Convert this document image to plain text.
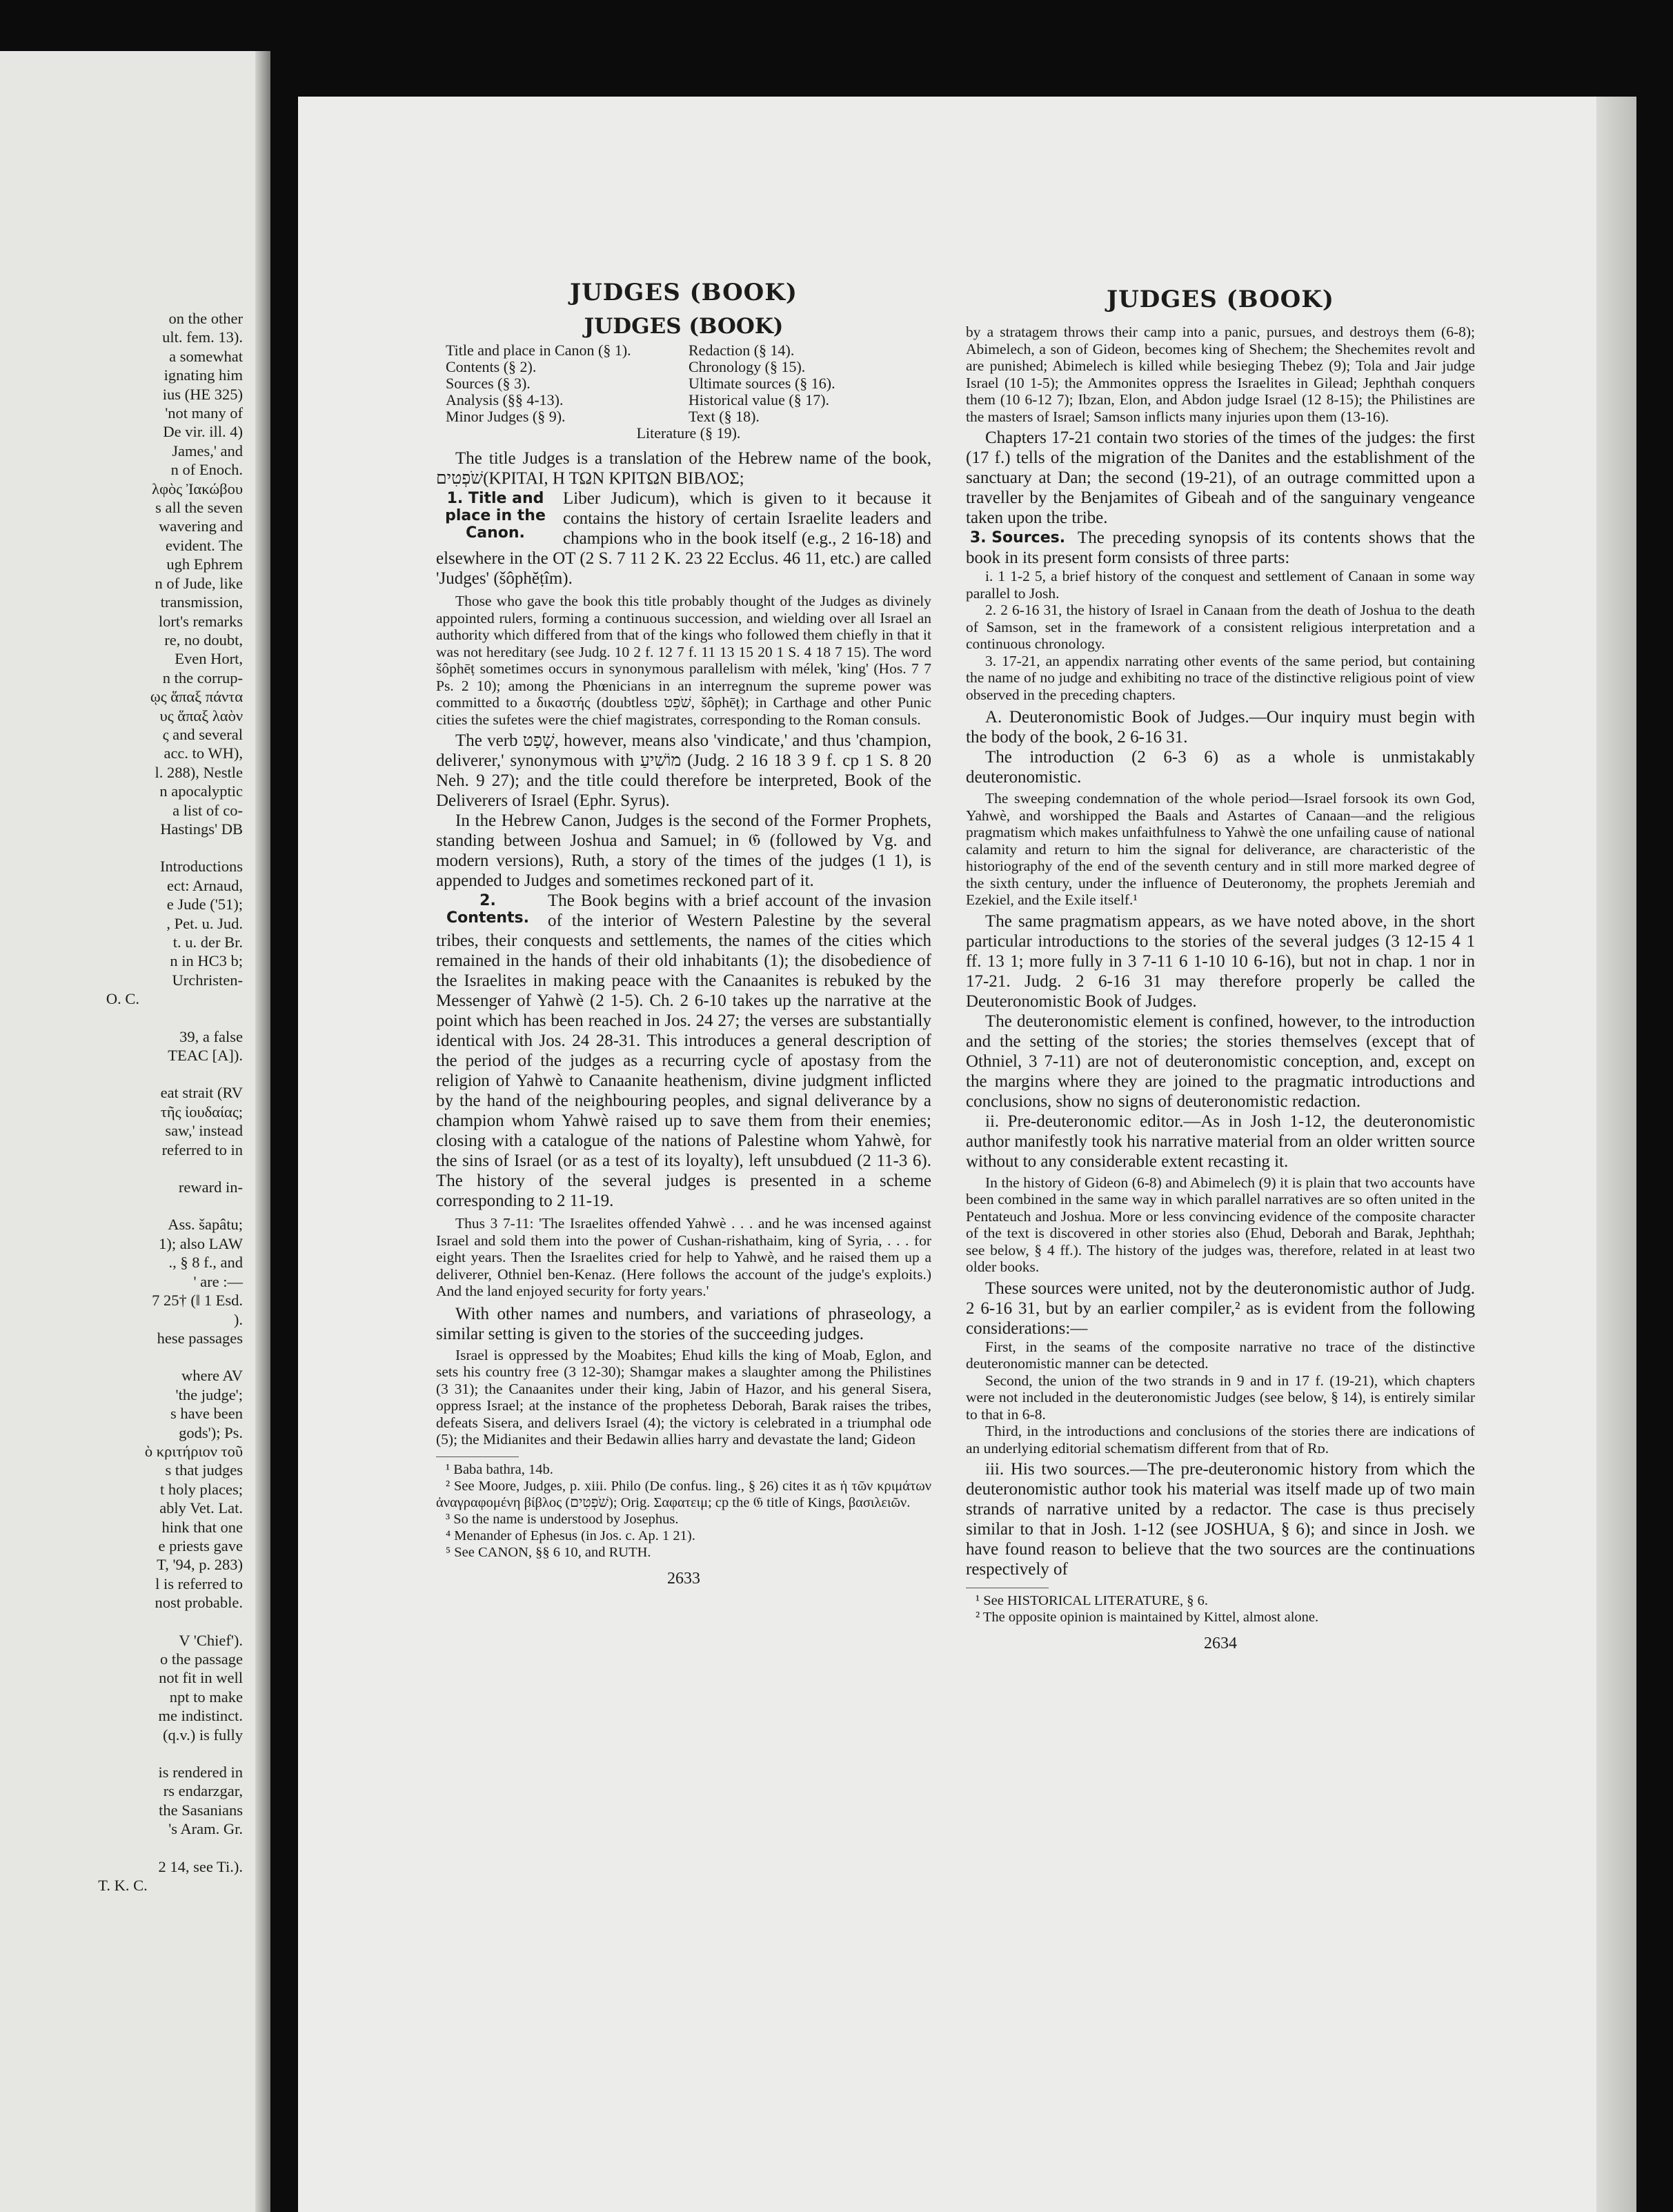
on the other
ult. fem. 13).
a somewhat
ignating him
ius (HE 325)
'not many of
De vir. ill. 4)
James,' and
n of Enoch.
λφὸς Ἰακώβου
s all the seven
wavering and
evident. The
ugh Ephrem
n of Jude, like
transmission,
lort's remarks
re, no doubt,
Even Hort,
n the corrup-
ῳς ἅπαξ πάντα
υς ἅπαξ λαὸν
ς and several
acc. to WH),
l. 288), Nestle
n apocalyptic
a list of co-
Hastings' DB
Introductions
ect: Arnaud,
e Jude ('51);
, Pet. u. Jud.
t. u. der Br.
n in HC3 b;
Urchristen-
O. C.
39, a false
TEAC [A]).
eat strait (RV
τῆς ἰουδαίας;
saw,' instead
referred to in
reward in-
Ass. šapâtu;
1); also LAW
., § 8 f., and
' are :—
7 25† (‖ 1 Esd.
).
hese passages
where AV
'the judge';
s have been
gods'); Ps.
ὸ κριτήριον τοῦ
s that judges
t holy places;
ably Vet. Lat.
hink that one
e priests gave
T, '94, p. 283)
l is referred to
nost probable.
V 'Chief').
o the passage
not fit in well
npt to make
me indistinct.
(q.v.) is fully
is rendered in
rs endarzgar,
the Sasanians
's Aram. Gr.
2 14, see Ti.).
T. K. C.
JUDGES (BOOK)
JUDGES (BOOK)
Title and place in Canon (§ 1).
Contents (§ 2).
Sources (§ 3).
Analysis (§§ 4-13).
Minor Judges (§ 9).
Redaction (§ 14).
Chronology (§ 15).
Ultimate sources (§ 16).
Historical value (§ 17).
Text (§ 18).
Literature (§ 19).

The title Judges is a translation of the Hebrew name of the book, שֹׁפְטִים(ΚΡΙΤΑΙ, Η ΤΩΝ ΚΡΙΤΩΝ ΒΙΒΛΟΣ;

1. Title and place in the Canon.
Liber Judicum), which is given to it because it contains the history of certain Israelite leaders and champions who in the book itself (e.g., 2 16-18) and elsewhere in the OT (2 S. 7 11 2 K. 23 22 Ecclus. 46 11, etc.) are called 'Judges' (šôphĕṭîm).

Those who gave the book this title probably thought of the Judges as divinely appointed rulers, forming a continuous succession, and wielding over all Israel an authority which differed from that of the kings who followed them chiefly in that it was not hereditary (see Judg. 10 2 f. 12 7 f. 11 13 15 20 1 S. 4 18 7 15). The word šôphēṭ sometimes occurs in synonymous parallelism with mélek, 'king' (Hos. 7 7 Ps. 2 10); among the Phœnicians in an interregnum the supreme power was committed to a δικαστής (doubtless שֹׁפֵט, šôphēṭ); in Carthage and other Punic cities the sufetes were the chief magistrates, corresponding to the Roman consuls.

The verb שָׁפַט, however, means also 'vindicate,' and thus 'champion, deliverer,' synonymous with מוֹשִׁיעַ (Judg. 2 16 18 3 9 f. cp 1 S. 8 20 Neh. 9 27); and the title could therefore be interpreted, Book of the Deliverers of Israel (Ephr. Syrus).

In the Hebrew Canon, Judges is the second of the Former Prophets, standing between Joshua and Samuel; in 𝔊 (followed by Vg. and modern versions), Ruth, a story of the times of the judges (1 1), is appended to Judges and sometimes reckoned part of it.

2. Contents.
The Book begins with a brief account of the invasion of the interior of Western Palestine by the several tribes, their conquests and settlements, the names of the cities which remained in the hands of their old inhabitants (1); the disobedience of the Israelites in making peace with the Canaanites is rebuked by the Messenger of Yahwè (2 1-5). Ch. 2 6-10 takes up the narrative at the point which has been reached in Jos. 24 27; the verses are substantially identical with Jos. 24 28-31. This introduces a general description of the period of the judges as a recurring cycle of apostasy from the religion of Yahwè to Canaanite heathenism, divine judgment inflicted by the hand of the neighbouring peoples, and signal deliverance by a champion whom Yahwè raised up to save them from their enemies; closing with a catalogue of the nations of Palestine whom Yahwè, for the sins of Israel (or as a test of its loyalty), left unsubdued (2 11-3 6). The history of the several judges is presented in a scheme corresponding to 2 11-19.

Thus 3 7-11: 'The Israelites offended Yahwè . . . and he was incensed against Israel and sold them into the power of Cushan-rishathaim, king of Syria, . . . for eight years. Then the Israelites cried for help to Yahwè, and he raised them up a deliverer, Othniel ben-Kenaz. (Here follows the account of the judge's exploits.) And the land enjoyed security for forty years.'

With other names and numbers, and variations of phraseology, a similar setting is given to the stories of the succeeding judges.

Israel is oppressed by the Moabites; Ehud kills the king of Moab, Eglon, and sets his country free (3 12-30); Shamgar makes a slaughter among the Philistines (3 31); the Canaanites under their king, Jabin of Hazor, and his general Sisera, oppress Israel; at the instance of the prophetess Deborah, Barak raises the tribes, defeats Sisera, and delivers Israel (4); the victory is celebrated in a triumphal ode (5); the Midianites and their Bedawin allies harry and devastate the land; Gideon

¹ Baba bathra, 14b.
² See Moore, Judges, p. xiii. Philo (De confus. ling., § 26) cites it as ἡ τῶν κριμάτων ἀναγραφομένη βίβλος (שֹׁפְטִים); Orig. Σαφατειμ; cp the 𝔊 title of Kings, βασιλειῶν.
³ So the name is understood by Josephus.
⁴ Menander of Ephesus (in Jos. c. Ap. 1 21).
⁵ See CANON, §§ 6 10, and RUTH.
2633
JUDGES (BOOK)

by a stratagem throws their camp into a panic, pursues, and destroys them (6-8); Abimelech, a son of Gideon, becomes king of Shechem; the Shechemites revolt and are punished; Abimelech is killed while besieging Thebez (9); Tola and Jair judge Israel (10 1-5); the Ammonites oppress the Israelites in Gilead; Jephthah conquers them (10 6-12 7); Ibzan, Elon, and Abdon judge Israel (12 8-15); the Philistines are the masters of Israel; Samson inflicts many injuries upon them (13-16).

Chapters 17-21 contain two stories of the times of the judges: the first (17 f.) tells of the migration of the Danites and the establishment of the sanctuary at Dan; the second (19-21), of an outrage committed upon a traveller by the Benjamites of Gibeah and of the sanguinary vengeance taken upon the tribe.

3. Sources. The preceding synopsis of its contents shows that the book in its present form consists of three parts:

i. 1 1-2 5, a brief history of the conquest and settlement of Canaan in some way parallel to Josh.

2. 2 6-16 31, the history of Israel in Canaan from the death of Joshua to the death of Samson, set in the framework of a consistent religious interpretation and a continuous chronology.

3. 17-21, an appendix narrating other events of the same period, but containing the name of no judge and exhibiting no trace of the distinctive religious point of view observed in the preceding chapters.

A. Deuteronomistic Book of Judges.—Our inquiry must begin with the body of the book, 2 6-16 31.

The introduction (2 6-3 6) as a whole is unmistakably deuteronomistic.

The sweeping condemnation of the whole period—Israel forsook its own God, Yahwè, and worshipped the Baals and Astartes of Canaan—and the religious pragmatism which makes unfaithfulness to Yahwè the one unfailing cause of national calamity and return to him the signal for deliverance, are characteristic of the historiography of the end of the seventh century and in still more marked degree of the sixth century, under the influence of Deuteronomy, the prophets Jeremiah and Ezekiel, and the Exile itself.¹

The same pragmatism appears, as we have noted above, in the short particular introductions to the stories of the several judges (3 12-15 4 1 ff. 13 1; more fully in 3 7-11 6 1-10 10 6-16), but not in chap. 1 nor in 17-21. Judg. 2 6-16 31 may therefore properly be called the Deuteronomistic Book of Judges.

The deuteronomistic element is confined, however, to the introduction and the setting of the stories; the stories themselves (except that of Othniel, 3 7-11) are not of deuteronomistic conception, and, except on the margins where they are joined to the pragmatic introductions and conclusions, show no signs of deuteronomistic redaction.

ii. Pre-deuteronomic editor.—As in Josh 1-12, the deuteronomistic author manifestly took his narrative material from an older written source without to any considerable extent recasting it.

In the history of Gideon (6-8) and Abimelech (9) it is plain that two accounts have been combined in the same way in which parallel narratives are so often united in the Pentateuch and Joshua. More or less convincing evidence of the composite character of the text is discovered in other stories also (Ehud, Deborah and Barak, Jephthah; see below, § 4 ff.). The history of the judges was, therefore, related in at least two older books.

These sources were united, not by the deuteronomistic author of Judg. 2 6-16 31, but by an earlier compiler,² as is evident from the following considerations:—

First, in the seams of the composite narrative no trace of the distinctive deuteronomistic manner can be detected.

Second, the union of the two strands in 9 and in 17 f. (19-21), which chapters were not included in the deuteronomistic Judges (see below, § 14), is entirely similar to that in 6-8.

Third, in the introductions and conclusions of the stories there are indications of an underlying editorial schematism different from that of Rᴅ.

iii. His two sources.—The pre-deuteronomic history from which the deuteronomistic author took his material was itself made up of two main strands of narrative united by a redactor. The case is thus precisely similar to that in Josh. 1-12 (see JOSHUA, § 6); and since in Josh. we have found reason to believe that the two sources are the continuations respectively of

¹ See HISTORICAL LITERATURE, § 6.
² The opposite opinion is maintained by Kittel, almost alone.
2634
